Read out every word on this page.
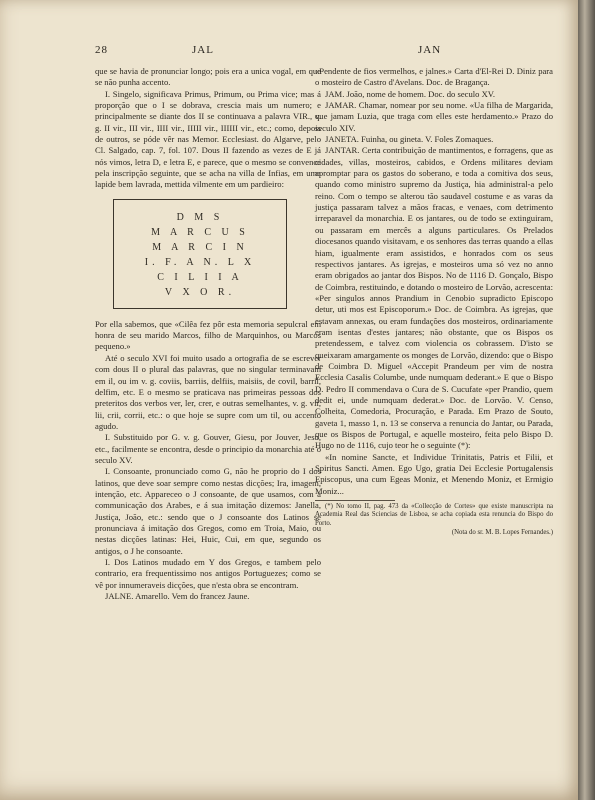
28	JAL	JAN

que se havia de pronunciar longo; pois era a unica vogal, em que se não punha accento.

I. Singelo, significava Primus, Primum, ou Prima vice; mas á proporção que o I se dobrava, crescia mais um numero; e principalmente se diante dos II se continuava a palavra VIR., v. g. II vir., III vir., IIII vir., IIIII vir., IIIIII vir., etc.; como, depois de outros, se póde vêr nas Memor. Ecclesiast. do Algarve, pelo Cl. Salgado, cap. 7, fol. 107. Dous II fazendo as vezes de E já nós vimos, letra D, e letra E, e parece, que o mesmo se convence pela inscripção seguinte, que se acha na villa de Infias, em uma lapide bem lavrada, mettida vilmente em um pardieiro:

D M S
M A R C U S
M A R C I N
I. F. A N. L X
C I L I I A
V X O R.

Por ella sabemos, que «Cilêa fez pôr esta memoria sepulcral em honra de seu marido Marcos, filho de Marquinhos, ou Marcos pequeno.»

Até o seculo XVI foi muito usado a ortografia de se escrever com dous II o plural das palavras, que no singular terminavam em il, ou im v. g. coviis, barriis, delfiis, maisiis, de covil, barril, delfim, etc. E o mesmo se praticava nas primeiras pessoas dos preteritos dos verbos ver, ler, crer, e outras semelhantes, v. g. vii, lii, crii, corrii, etc.: o que hoje se supre com um til, ou accento agudo.

I. Substituido por G. v. g. Gouver, Giesu, por Jouver, Jesu, etc., facilmente se encontra, desde o principio da monarchia até o seculo XV.

I. Consoante, pronunciado como G, não he proprio do I dos latinos, que deve soar sempre como nestas dicções; Ira, imagem, intenção, etc. Appareceo o J consoante, de que usamos, com a communicação dos Arabes, e á sua imitação dizemos: Janella, Justiça, João, etc.: sendo que o J consoante dos Latinos se pronunciava á imitação dos Gregos, como em Troia, Maio, ou nestas dicções latinas: Hei, Huic, Cui, em que, segundo os antigos, o J he consoante.

I. Dos Latinos mudado em Y dos Gregos, e tambem pelo contrario, era frequentissimo nos antigos Portuguezes; como se vê por innumeraveis dicções, que n'esta obra se encontram.

JALNE. Amarello. Vem do francez Jaune.

«Pendente de fios vermelhos, e jalnes.» Carta d'El-Rei D. Diniz para o mosteiro de Castro d'Avelans. Doc. de Bragança.

JAM. João, nome de homem. Doc. do seculo XV.

JAMAR. Chamar, nomear por seu nome. «Ua filha de Margarida, que jamam Luzia, que traga com elles este herdamento.» Prazo do seculo XIV.

JANETA. Fuinha, ou gineta. V. Foles Zomaques.

JANTAR. Certa contribuição de mantimentos, e forragens, que as cidades, villas, mosteiros, cabidos, e Ordens militares deviam apromptar para os gastos do soberano, e toda a comitiva dos seus, quando como ministro supremo da Justiça, hia administral-a pelo reino. Com o tempo se alterou tão saudavel costume e as varas da justiça passaram talvez a mãos fracas, e venaes, com detrimento irreparavel da monarchia. E os jantares, ou de todo se extinguiram, ou passaram em mercês a alguns particulares. Os Prelados diocesanos quando visitavam, e os senhores das terras quando a ellas hiam, igualmente eram assistidos, e honrados com os seus respectivos jantares. As igrejas, e mosteiros uma só vez no anno eram obrigados ao jantar dos Bispos. No de 1116 D. Gonçalo, Bispo de Coimbra, restituindo, e dotando o mosteiro de Lorvão, acrescenta: «Per singulos annos Prandium in Cenobio supradicto Episcopo detur, uti mos est Episcoporum.» Doc. de Coimbra. As igrejas, que estavam annexas, ou eram fundações dos mosteiros, ordinariamente eram isentas d'estes jantares; não obstante, que os Bispos os pretendessem, e talvez com violencia os cobrassem. D'isto se queixaram amargamente os monges de Lorvão, dizendo: que o Bispo de Coimbra D. Miguel «Accepit Prandeum per vim de nostra Ecclesia Casalis Columbe, unde numquam dederant.» E que o Bispo D. Pedro II commendava o Cura de S. Cucufate «per Prandio, quem dedit ei, unde numquam dederat.» Doc. de Lorvão. V. Censo, Colheita, Comedoria, Procuração, e Parada. Em Prazo de Souto, gaveta 1, masso 1, n. 13 se conserva a renuncia do Jantar, ou Parada, que os Bispos de Portugal, e aquelle mosteiro, feita pelo Bispo D. Hugo no de 1116, cujo teor he o seguinte (*):

«In nomine Sancte, et Individue Trinitatis, Patris et Filii, et Spiritus Sancti. Amen. Ego Ugo, gratia Dei Ecclesie Portugalensis Episcopus, una cum Egeas Moniz, et Menendo Moniz, et Ermigio Moniz...

(*) No tomo II, pag. 473 da «Collecção de Cortes» que existe manuscripta na Academia Real das Sciencias de Lisboa, se acha copiada esta renuncia do Bispo do Porto.

(Nota do sr. M. B. Lopes Fernandes.)
